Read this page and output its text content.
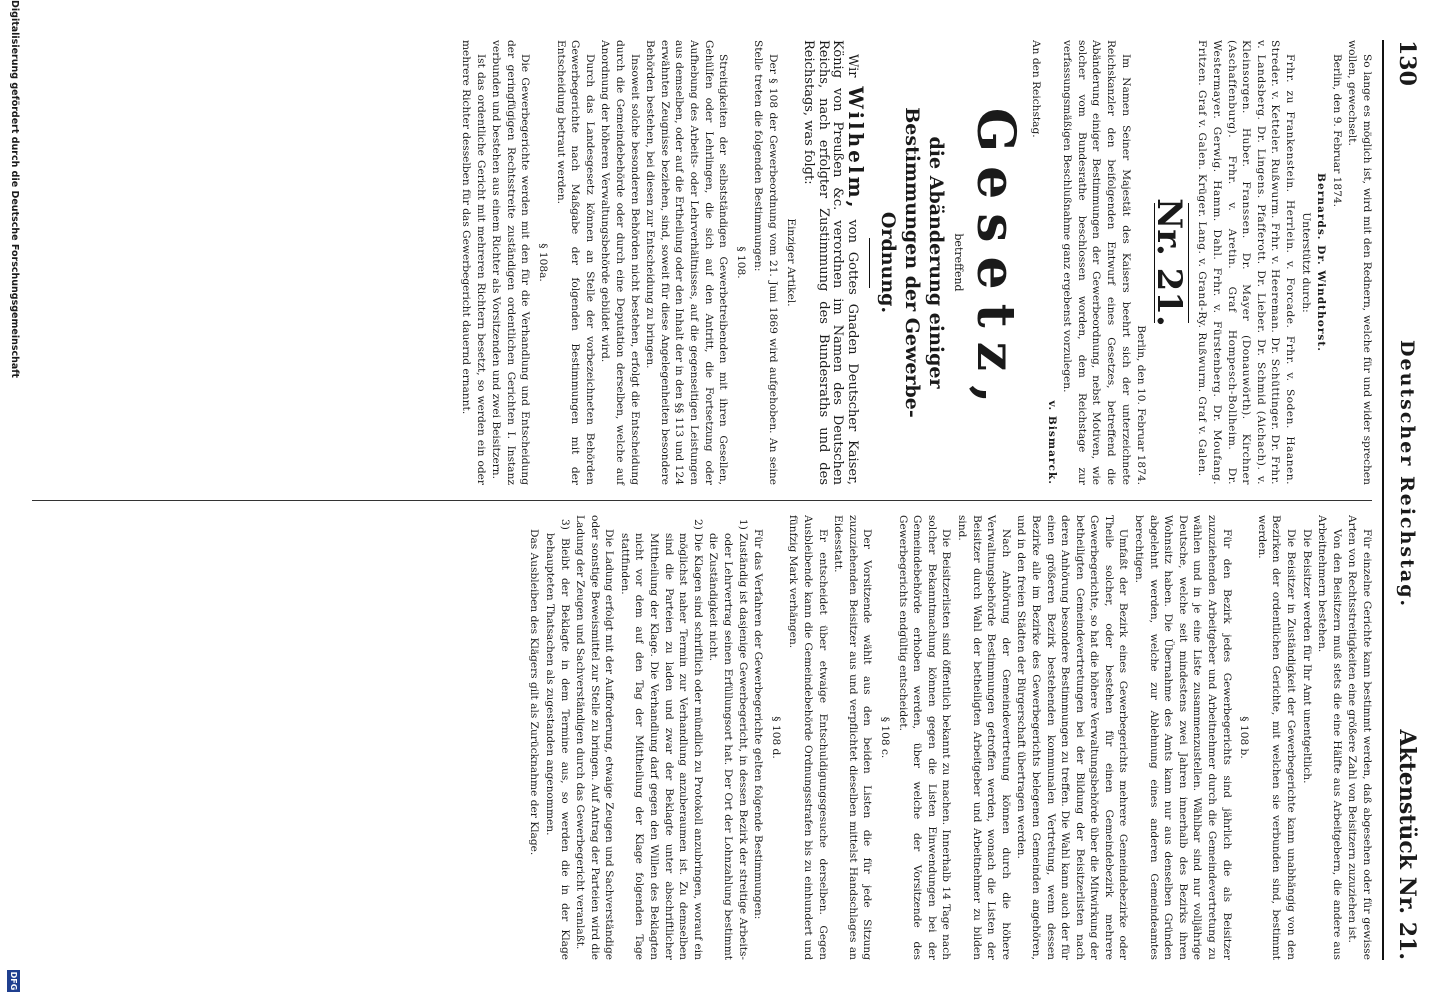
130
Deutscher Reichstag.
Aktenstück Nr. 21.

So lange es möglich ist, wird mit den Rednern, welche für und wider sprechen wollen, gewechselt.

Berlin, den 9. Februar 1874.

Bernards. Dr. Windthorst.

Unterstützt durch:

Frhr. zu Frankenstein. Herrlein. v. Forcade. Frhr. v. Soden. Haanen. Streder. v. Ketteler. Rußwurm. Frhr. v. Heereman. Dr. Schüttinger. Dr. Frhr. v. Landsberg. Dr. Lingens. Pfafferott. Dr. Lieber. Dr. Schmid (Aichach). v. Kleinsorgen. Huber. Franssen. Dr. Mayer (Donauwörth). Kirchner (Aschaffenburg). Frhr. v. Aretin. Graf Hompesch-Bollheim. Dr. Westermayer. Gerwig. Hamm. Dahl. Frhr. v. Fürstenberg. Dr. Moufang. Fritzen. Graf v. Galen. Krüger. Lang. v. Grand-Ry. Rußwurm. Graf v. Galen.

Nr. 21.

Berlin, den 10. Februar 1874.

Im Namen Seiner Majestät des Kaisers beehrt sich der unterzeichnete Reichskanzler den beifolgenden Entwurf eines Gesetzes, betreffend die Abänderung einiger Bestimmungen der Gewerbeordnung, nebst Motiven, wie solcher vom Bundesrathe beschlossen worden, dem Reichstage zur verfassungsmäßigen Beschlußnahme ganz ergebenst vorzulegen.

v. Bismarck.

An den Reichstag.

Gesetz,
betreffend
die Abänderung einiger Bestimmungen der Gewerbe-Ordnung.

Wir Wilhelm, von Gottes Gnaden Deutscher Kaiser, König von Preußen &c. verordnen im Namen des Deutschen Reichs, nach erfolgter Zustimmung des Bundesraths und des Reichstags, was folgt:

Einziger Artikel.

Der § 108 der Gewerbeordnung vom 21. Juni 1869 wird aufgehoben. An seine Stelle treten die folgenden Bestimmungen:

§ 108.

Streitigkeiten der selbstständigen Gewerbetreibenden mit ihren Gesellen, Gehülfen oder Lehrlingen, die sich auf den Antritt, die Fortsetzung oder Aufhebung des Arbeits- oder Lehrverhältnisses, auf die gegenseitigen Leistungen aus demselben, oder auf die Ertheilung oder den Inhalt der in den §§ 113 und 124 erwähnten Zeugnisse beziehen, sind, soweit für diese Angelegenheiten besondere Behörden bestehen, bei diesen zur Entscheidung zu bringen.

Insoweit solche besonderen Behörden nicht bestehen, erfolgt die Entscheidung durch die Gemeindebehörde oder durch eine Deputation derselben, welche auf Anordnung der höheren Verwaltungsbehörde gebildet wird.

Durch das Landesgesetz können an Stelle der vorbezeichneten Behörden Gewerbegerichte nach Maßgabe der folgenden Bestimmungen mit der Entscheidung betraut werden.

§ 108a.

Die Gewerbegerichte werden mit den für die Verhandlung und Entscheidung der geringfügigen Rechtsstreite zuständigen ordentlichen Gerichten I. Instanz verbunden und bestehen aus einem Richter als Vorsitzenden und zwei Beisitzern.

Ist das ordentliche Gericht mit mehreren Richtern besetzt, so werden ein oder mehrere Richter desselben für das Gewerbegericht dauernd ernannt.

Für einzelne Gerichte kann bestimmt werden, daß abgesehen oder für gewisse Arten von Rechtsstreitigkeiten eine größere Zahl von Beisitzern zuzuziehen ist.

Von den Beisitzern muß stets die eine Hälfte aus Arbeitgebern, die andere aus Arbeitnehmern bestehen.

Die Beisitzer werden für Ihr Amt unentgeltlich.

Die Beisitzer in Zuständigkeit der Gewerbegerichte kann unabhängig von den Bezirken der ordentlichen Gerichte, mit welchen sie verbunden sind, bestimmt werden.

§ 108 b.

Für den Bezirk jedes Gewerbegerichts sind jährlich die als Beisitzer zuzuziehenden Arbeitgeber und Arbeitnehmer durch die Gemeindevertretung zu wählen und in je eine Liste zusammenzustellen. Wählbar sind nur volljährige Deutsche, welche seit mindestens zwei Jahren innerhalb des Bezirks ihren Wohnsitz haben. Die Übernahme des Amts kann nur aus denselben Gründen abgelehnt werden, welche zur Ablehnung eines anderen Gemeindeamtes berechtigen.

Umfaßt der Bezirk eines Gewerbegerichts mehrere Gemeindebezirke oder Theile solcher, oder bestehen für einen Gemeindebezirk mehrere Gewerbegerichte, so hat die höhere Verwaltungsbehörde über die Mitwirkung der betheiligten Gemeindevertretungen bei der Bildung der Beisitzerlisten nach deren Anhörung besondere Bestimmungen zu treffen. Die Wahl kann auch der für einen größeren Bezirk bestehenden kommunalen Vertretung, wenn dessen Bezirke alle im Bezirke des Gewerbegerichts belegenen Gemeinden angehören, und in den freien Städten der Bürgerschaft übertragen werden.

Nach Anhörung der Gemeindevertretung können durch die höhere Verwaltungsbehörde Bestimmungen getroffen werden, wonach die Listen der Beisitzer durch Wahl der betheiligten Arbeitgeber und Arbeitnehmer zu bilden sind.

Die Beisitzerlisten sind öffentlich bekannt zu machen. Innerhalb 14 Tage nach solcher Bekanntmachung können gegen die Listen Einwendungen bei der Gemeindebehörde erhoben werden, über welche der Vorsitzende des Gewerbegerichts endgültig entscheidet.

§ 108 c.

Der Vorsitzende wählt aus den beiden Listen die für jede Sitzung zuzuziehenden Beisitzer aus und verpflichtet dieselben mittelst Handschlages an Eidesstatt.

Er entscheidet über etwaige Entschuldigungsgesuche derselben. Gegen Ausbleibende kann die Gemeindebehörde Ordnungsstrafen bis zu einhundert und fünfzig Mark verhängen.

§ 108 d.

Für das Verfahren der Gewerbegerichte gelten folgende Bestimmungen:

1) Zuständig ist dasjenige Gewerbegericht, in dessen Bezirk der streitige Arbeits- oder Lehrvertrag seinen Erfüllungsort hat. Der Ort der Lohnzahlung bestimmt die Zuständigkeit nicht.

2) Die Klagen sind schriftlich oder mündlich zu Protokoll anzubringen, worauf ein möglichst naher Termin zur Verhandlung anzuberaumen ist. Zu demselben sind die Parteien zu laden und zwar der Beklagte unter abschriftlicher Mittheilung der Klage. Die Verhandlung darf gegen den Willen des Beklagten nicht vor dem auf den Tag der Mittheilung der Klage folgenden Tage stattfinden.

Die Ladung erfolgt mit der Aufforderung, etwaige Zeugen und Sachverständige oder sonstige Beweismittel zur Stelle zu bringen. Auf Antrag der Parteien wird die Ladung der Zeugen und Sachverständigen durch das Gewerbegericht veranlaßt.

3) Bleibt der Beklagte in dem Termine aus, so werden die in der Klage behaupteten Thatsachen als zugestanden angenommen.

Das Ausbleiben des Klägers gilt als Zurücknahme der Klage.

Digitalisierung gefördert durch die Deutsche Forschungsgemeinschaft
DFG
